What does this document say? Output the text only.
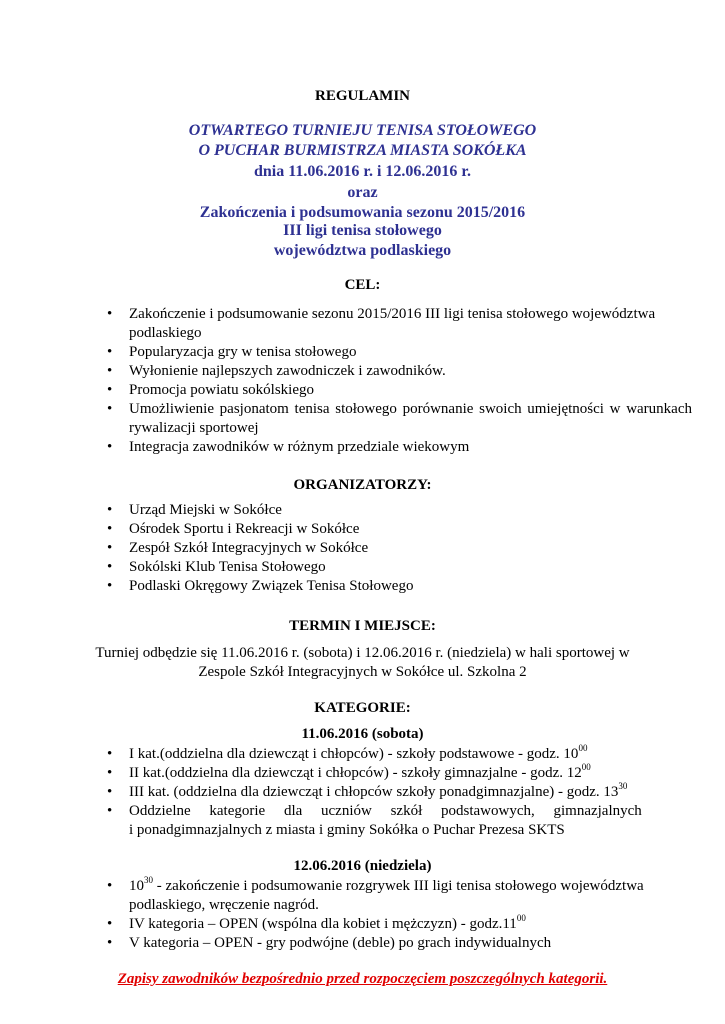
REGULAMIN
OTWARTEGO TURNIEJU TENISA STOŁOWEGO
O PUCHAR BURMISTRZA MIASTA SOKÓŁKA
dnia 11.06.2016 r. i 12.06.2016 r.
oraz
Zakończenia i podsumowania sezonu 2015/2016
III ligi tenisa stołowego
województwa podlaskiego
CEL:
• Zakończenie i podsumowanie sezonu 2015/2016 III ligi tenisa stołowego województwa podlaskiego
• Popularyzacja gry w tenisa stołowego
• Wyłonienie najlepszych zawodniczek i zawodników.
• Promocja powiatu sokólskiego
• Umożliwienie pasjonatom tenisa stołowego porównanie swoich umiejętności w warunkach rywalizacji sportowej
• Integracja zawodników w różnym przedziale wiekowym
ORGANIZATORZY:
• Urząd Miejski w Sokółce
• Ośrodek Sportu i Rekreacji w Sokółce
• Zespół Szkół Integracyjnych w Sokółce
• Sokólski Klub Tenisa Stołowego
• Podlaski Okręgowy Związek Tenisa Stołowego
TERMIN I MIEJSCE:
Turniej odbędzie się 11.06.2016 r. (sobota) i 12.06.2016 r. (niedziela) w hali sportowej w
Zespole Szkół Integracyjnych w Sokółce ul. Szkolna 2
KATEGORIE:
11.06.2016 (sobota)
• I kat.(oddzielna dla dziewcząt i chłopców) - szkoły podstawowe - godz. $10^{00}$
• II kat.(oddzielna dla dziewcząt i chłopców) - szkoły gimnazjalne - godz. $12^{00}$
• III kat. (oddzielna dla dziewcząt i chłopców szkoły ponadgimnazjalne) - godz. $13^{30}$
• Oddzielne     kategorie     dla     uczniów     szkół     podstawowych,     gimnazjalnych
i ponadgimnazjalnych z miasta i gminy Sokółka o Puchar Prezesa SKTS
12.06.2016 (niedziela)
• $10^{30}$ - zakończenie i podsumowanie rozgrywek III ligi tenisa stołowego województwa podlaskiego, wręczenie nagród.
• IV kategoria – OPEN (wspólna dla kobiet i mężczyzn) - $godz.11^{00}$
• V kategoria – OPEN - gry podwójne (deble) po grach indywidualnych
Zapisy zawodników bezpośrednio przed rozpoczęciem poszczególnych kategorii.
